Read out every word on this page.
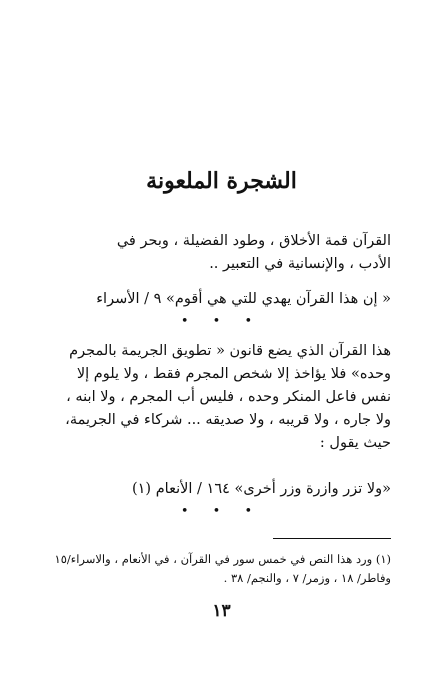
الشجرة الملعونة
القرآن قمة الأخلاق ، وطود الفضيلة ، وبحر في
الأدب ، والإنسانية في التعبير ..
« إن هذا القرآن يهدي للتي هي أقوم» ٩ / الأسراء
• • •
هذا القرآن الذي يضع قانون « تطويق الجريمة بالمجرم
وحده» فلا يؤاخذ إلا شخص المجرم فقط ، ولا يلوم إلا
نفس فاعل المنكر وحده ، فليس أب المجرم ، ولا ابنه ،
ولا جاره ، ولا قريبه ، ولا صديقه ... شركاء في الجريمة،
حيث يقول :
«ولا تزر وازرة وزر أخرى» ١٦٤ / الأنعام (١)
• • •
(١) ورد هذا النص في خمس سور في القرآن ، في الأنعام ، والاسراء/١٥
وفاطر/ ١٨ ، وزمر/ ٧ ، والنجم/ ٣٨ .
١٣
